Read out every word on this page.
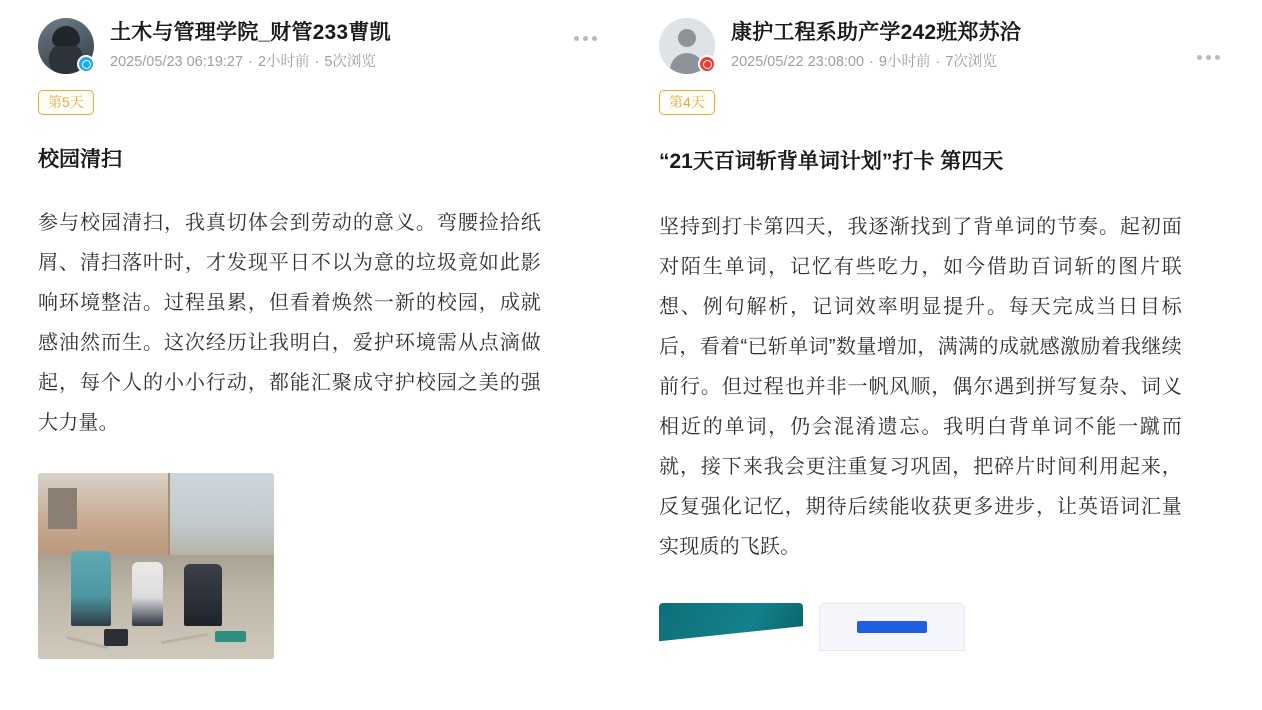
土木与管理学院_财管233曹凯
2025/05/23 06:19:27 · 2小时前 · 5次浏览
第5天
校园清扫
参与校园清扫，我真切体会到劳动的意义。弯腰捡拾纸屑、清扫落叶时，才发现平日不以为意的垃圾竟如此影响环境整洁。过程虽累，但看着焕然一新的校园，成就感油然而生。这次经历让我明白，爱护环境需从点滴做起，每个人的小小行动，都能汇聚成守护校园之美的强大力量。
康护工程系助产学242班郑苏洽
2025/05/22 23:08:00 · 9小时前 · 7次浏览
第4天
“21天百词斩背单词计划”打卡 第四天
坚持到打卡第四天，我逐渐找到了背单词的节奏。起初面对陌生单词，记忆有些吃力，如今借助百词斩的图片联想、例句解析，记词效率明显提升。每天完成当日目标后，看着“已斩单词”数量增加，满满的成就感激励着我继续前行。但过程也并非一帆风顺，偶尔遇到拼写复杂、词义相近的单词，仍会混淆遗忘。我明白背单词不能一蹴而就，接下来我会更注重复习巩固，把碎片时间利用起来，反复强化记忆，期待后续能收获更多进步，让英语词汇量实现质的飞跃。
